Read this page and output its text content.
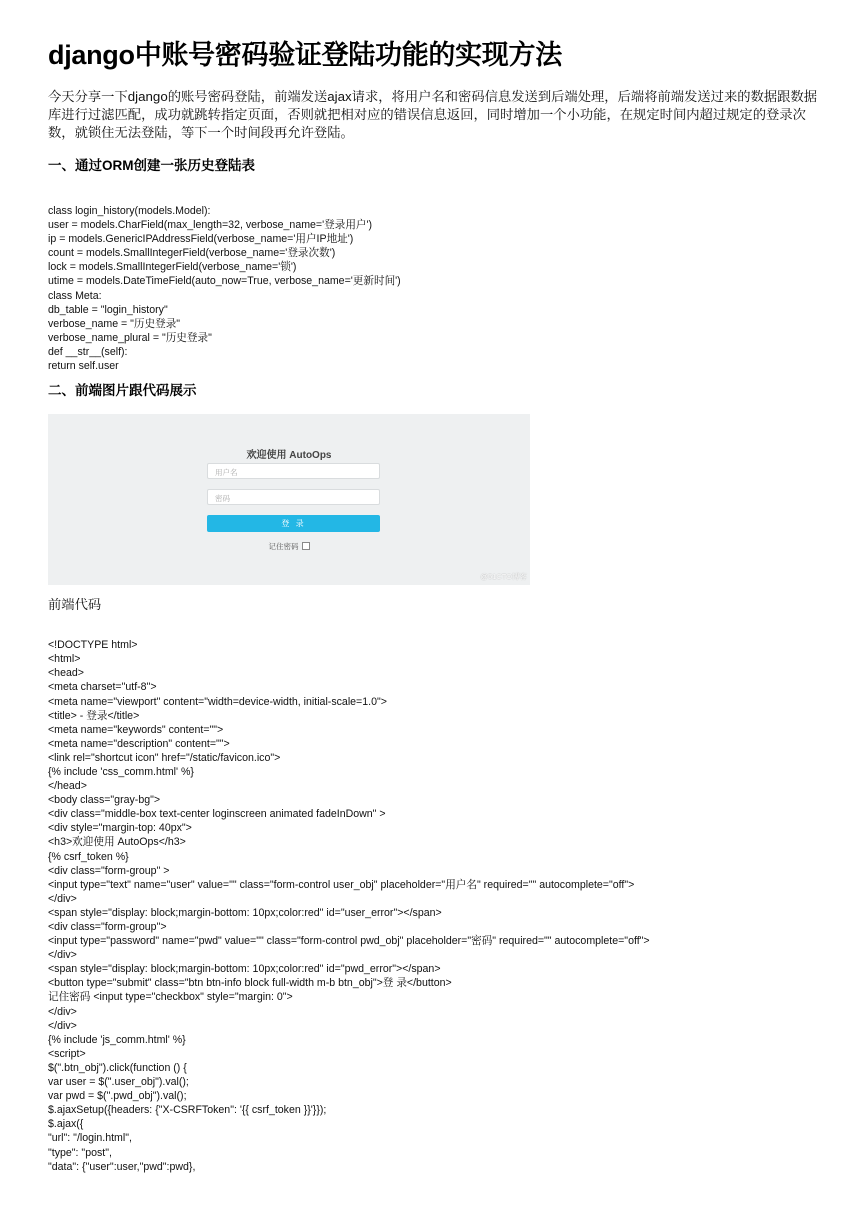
django中账号密码验证登陆功能的实现方法

今天分享一下django的账号密码登陆，前端发送ajax请求，将用户名和密码信息发送到后端处理，后端将前端发送过来的数据跟数据库进行过滤匹配，成功就跳转指定页面，否则就把相对应的错误信息返回，同时增加一个小功能，在规定时间内超过规定的登录次数，就锁住无法登陆，等下一个时间段再允许登陆。

一、通过ORM创建一张历史登陆表
class login_history(models.Model):
user = models.CharField(max_length=32, verbose_name='登录用户')
ip = models.GenericIPAddressField(verbose_name='用户IP地址')
count = models.SmallIntegerField(verbose_name='登录次数')
lock = models.SmallIntegerField(verbose_name='锁')
utime = models.DateTimeField(auto_now=True, verbose_name='更新时间')
class Meta:
db_table = "login_history"
verbose_name = "历史登录"
verbose_name_plural = "历史登录"
def __str__(self):
return self.user
二、前端图片跟代码展示
欢迎使用 AutoOps
用户名
密码
登 录
记住密码
@51CTO博客
前端代码
<!DOCTYPE html>
<html>
<head>
<meta charset="utf-8">
<meta name="viewport" content="width=device-width, initial-scale=1.0">
<title> - 登录</title>
<meta name="keywords" content="">
<meta name="description" content="">
<link rel="shortcut icon" href="/static/favicon.ico">
{% include 'css_comm.html' %}
</head>
<body class="gray-bg">
<div class="middle-box text-center loginscreen animated fadeInDown" >
<div style="margin-top: 40px">
<h3>欢迎使用 AutoOps</h3>
{% csrf_token %}
<div class="form-group" >
<input type="text" name="user" value="" class="form-control user_obj" placeholder="用户名" required="" autocomplete="off">
</div>
<span style="display: block;margin-bottom: 10px;color:red" id="user_error"></span>
<div class="form-group">
<input type="password" name="pwd" value="" class="form-control pwd_obj" placeholder="密码" required="" autocomplete="off">
</div>
<span style="display: block;margin-bottom: 10px;color:red" id="pwd_error"></span>
<button type="submit" class="btn btn-info block full-width m-b btn_obj">登 录</button>
记住密码 <input type="checkbox" style="margin: 0">
</div>
</div>
{% include 'js_comm.html' %}
<script>
$(".btn_obj").click(function () {
var user = $(".user_obj").val();
var pwd = $(".pwd_obj").val();
$.ajaxSetup({headers: {"X-CSRFToken": '{{ csrf_token }}'}});
$.ajax({
"url": "/login.html",
"type": "post",
"data": {"user":user,"pwd":pwd},
